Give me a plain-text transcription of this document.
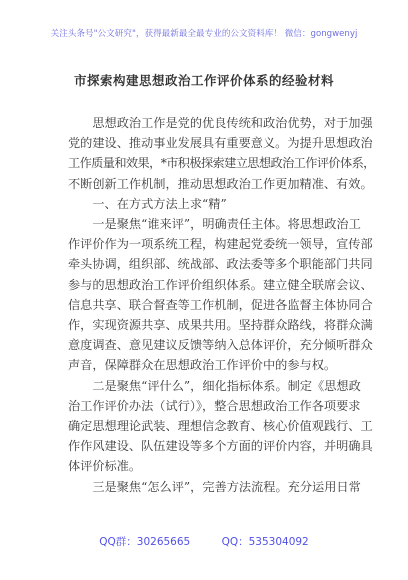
关注头条号"公文研究"，获得最新最全最专业的公文资料库！ 微信：gongwenyj
市探索构建思想政治工作评价体系的经验材料

　　思想政治工作是党的优良传统和政治优势，对于加强

党的建设、推动事业发展具有重要意义。为提升思想政治

工作质量和效果，*市积极探索建立思想政治工作评价体系，

不断创新工作机制，推动思想政治工作更加精准、有效。

　　一、在方式方法上求“精”

　　一是聚焦“谁来评”，明确责任主体。将思想政治工

作评价作为一项系统工程，构建起党委统一领导，宣传部

牵头协调，组织部、统战部、政法委等多个职能部门共同

参与的思想政治工作评价组织体系。建立健全联席会议、

信息共享、联合督查等工作机制，促进各监督主体协同合

作，实现资源共享、成果共用。坚持群众路线，将群众满

意度调查、意见建议反馈等纳入总体评价，充分倾听群众

声音，保障群众在思想政治工作评价中的参与权。

　　二是聚焦“评什么”，细化指标体系。制定《思想政

治工作评价办法（试行）》，整合思想政治工作各项要求

确定思想理论武装、理想信念教育、核心价值观践行、工

作作风建设、队伍建设等多个方面的评价内容，并明确具

体评价标准。

　　三是聚焦“怎么评”，完善方法流程。充分运用日常

QQ群：30265665	QQ：535304092
